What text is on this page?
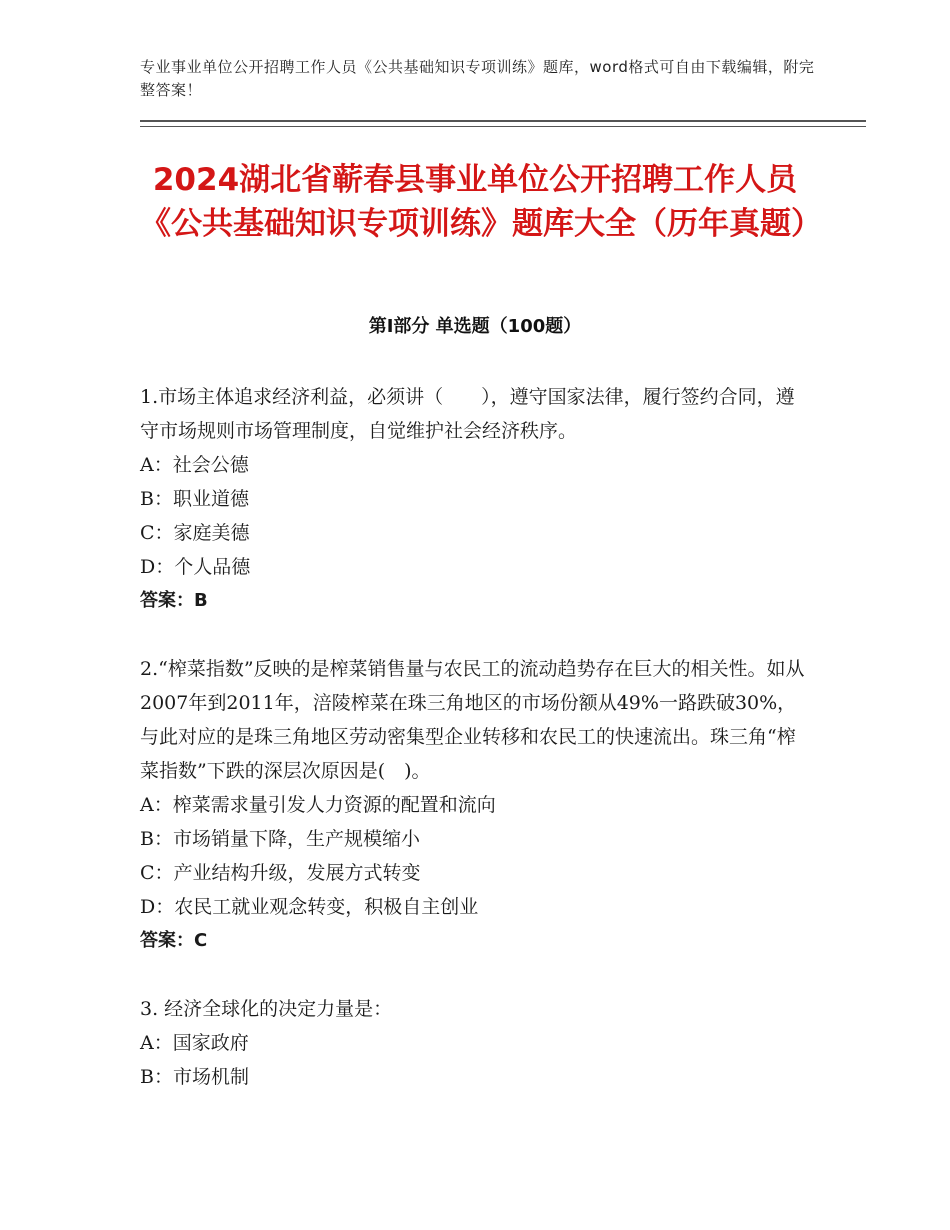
专业事业单位公开招聘工作人员《公共基础知识专项训练》题库，word格式可自由下载编辑，附完整答案！
2024湖北省蕲春县事业单位公开招聘工作人员《公共基础知识专项训练》题库大全（历年真题）
第Ⅰ部分 单选题（100题）

1.市场主体追求经济利益，必须讲（　　），遵守国家法律，履行签约合同，遵守市场规则市场管理制度，自觉维护社会经济秩序。

A：社会公德

B：职业道德

C：家庭美德

D：个人品德

答案：B

2.“榨菜指数”反映的是榨菜销售量与农民工的流动趋势存在巨大的相关性。如从2007年到2011年，涪陵榨菜在珠三角地区的市场份额从49%一路跌破30%，与此对应的是珠三角地区劳动密集型企业转移和农民工的快速流出。珠三角“榨菜指数”下跌的深层次原因是(　)。

A：榨菜需求量引发人力资源的配置和流向

B：市场销量下降，生产规模缩小

C：产业结构升级，发展方式转变

D：农民工就业观念转变，积极自主创业

答案：C

3. 经济全球化的决定力量是：

A：国家政府

B：市场机制
